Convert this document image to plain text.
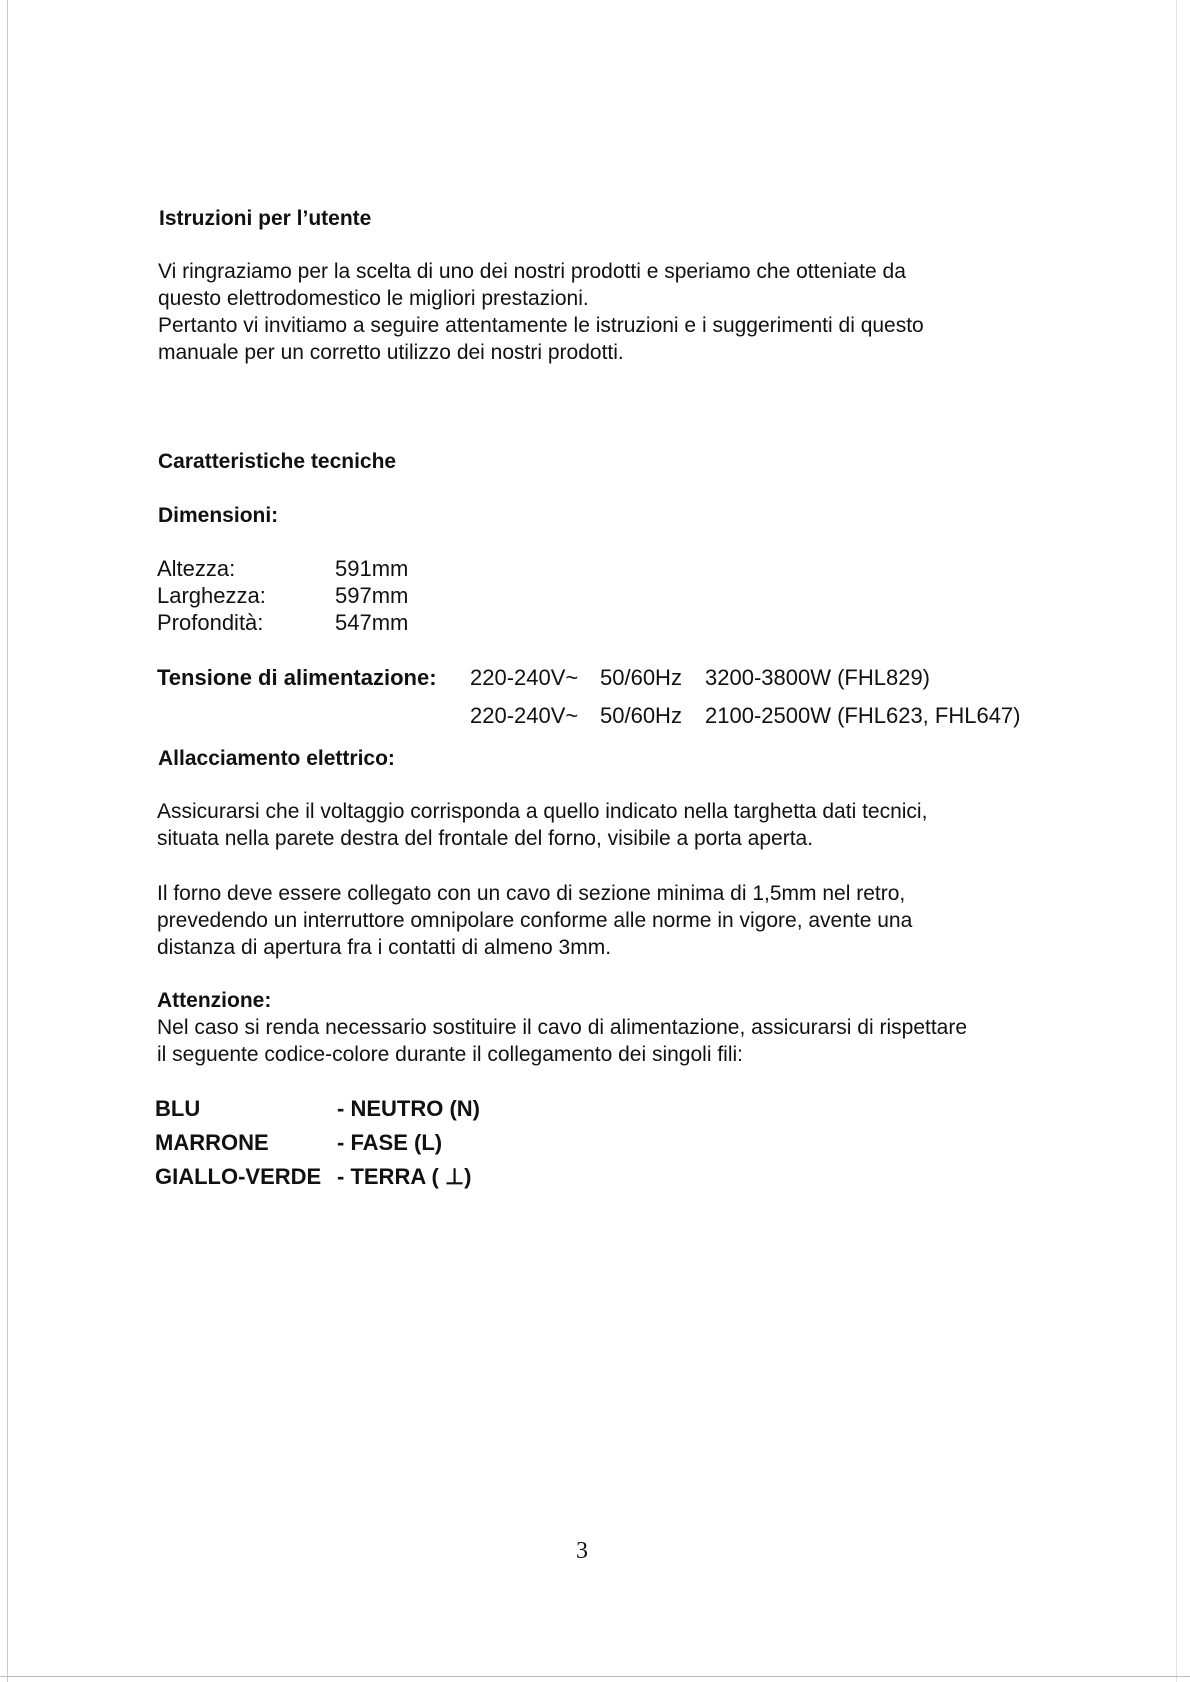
Istruzioni per l’utente
Vi ringraziamo per la scelta di uno dei nostri prodotti e speriamo che otteniate da
questo elettrodomestico le migliori prestazioni.
Pertanto vi invitiamo a seguire attentamente le istruzioni e i suggerimenti di questo
manuale per un corretto utilizzo dei nostri prodotti.
Caratteristiche tecniche
Dimensioni:
Altezza:	591mm
Larghezza:	597mm
Profondità:	547mm
Tensione di alimentazione: 220-240V~ 50/60Hz 3200-3800W (FHL829)
220-240V~ 50/60Hz 2100-2500W (FHL623, FHL647)
Allacciamento elettrico:
Assicurarsi che il voltaggio corrisponda a quello indicato nella targhetta dati tecnici,
situata nella parete destra del frontale del forno, visibile a porta aperta.
Il forno deve essere collegato con un cavo di sezione minima di 1,5mm nel retro,
prevedendo un interruttore omnipolare conforme alle norme in vigore, avente una
distanza di apertura fra i contatti di almeno 3mm.
Attenzione:
Nel caso si renda necessario sostituire il cavo di alimentazione, assicurarsi di rispettare
il seguente codice-colore durante il collegamento dei singoli fili:
BLU	- NEUTRO (N)
MARRONE	- FASE (L)
GIALLO-VERDE - TERRA ( ⊥)
3
